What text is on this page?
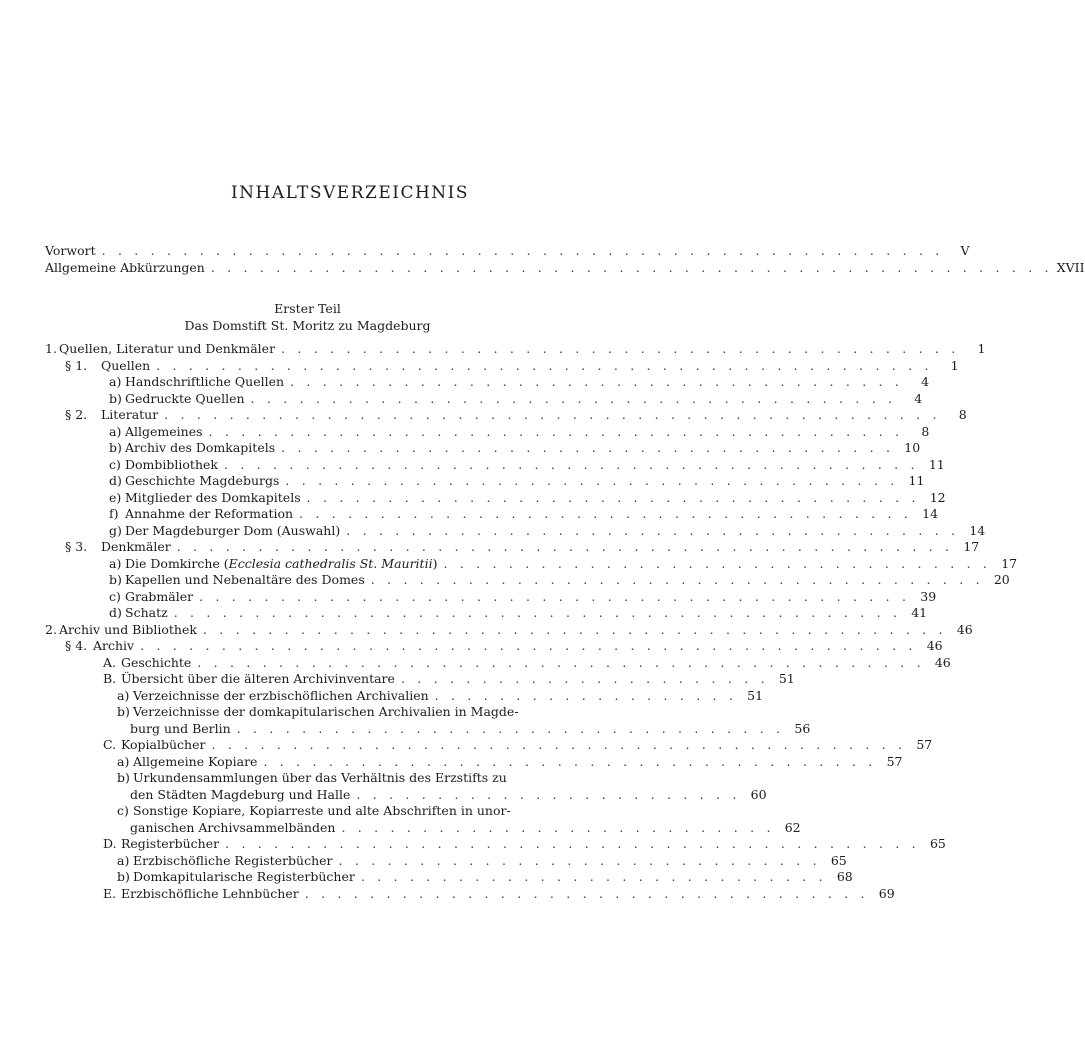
INHALTSVERZEICHNIS
Vorwort . . . . . . . . . . . . . . . . . . . . . . . . . . . . . . . . . . . . . . . . . . . . . . . . . . . .	V
Allgemeine Abkürzungen . . . . . . . . . . . . . . . . . . . . . . . . . . . . . . . . . . . . . . . . . . . . . . . . . . . . XVII
Erster Teil
Das Domstift St. Moritz zu Magdeburg
1. Quellen, Literatur und Denkmäler . . . . . . . . . . . . . . . . . . . . . . . . . . . . . . . . . . . . . . . . . .	1
§ 1.	Quellen . . . . . . . . . . . . . . . . . . . . . . . . . . . . . . . . . . . . . . . . . . . . . . . .	1
a) Handschriftliche Quellen . . . . . . . . . . . . . . . . . . . . . . . . . . . . . . . . . . . . . .	4
b) Gedruckte Quellen . . . . . . . . . . . . . . . . . . . . . . . . . . . . . . . . . . . . . . . .	4
§ 2.	Literatur . . . . . . . . . . . . . . . . . . . . . . . . . . . . . . . . . . . . . . . . . . . . . . . .	8
a) Allgemeines . . . . . . . . . . . . . . . . . . . . . . . . . . . . . . . . . . . . . . . . . . .	8
b) Archiv des Domkapitels . . . . . . . . . . . . . . . . . . . . . . . . . . . . . . . . . . . . . . 10
c) Dombibliothek . . . . . . . . . . . . . . . . . . . . . . . . . . . . . . . . . . . . . . . . . . . 11
d) Geschichte Magdeburgs . . . . . . . . . . . . . . . . . . . . . . . . . . . . . . . . . . . . . . 11
e) Mitglieder des Domkapitels . . . . . . . . . . . . . . . . . . . . . . . . . . . . . . . . . . . . . . 12
f) Annahme der Reformation . . . . . . . . . . . . . . . . . . . . . . . . . . . . . . . . . . . . . . 14
g) Der Magdeburger Dom (Auswahl) . . . . . . . . . . . . . . . . . . . . . . . . . . . . . . . . . . . . . . 14
§ 3.	Denkmäler . . . . . . . . . . . . . . . . . . . . . . . . . . . . . . . . . . . . . . . . . . . . . . . . 17
a) Die Domkirche (Ecclesia cathedralis St. Mauritii) . . . . . . . . . . . . . . . . . . . . . . . . . . . . . . . . . . 17
b) Kapellen und Nebenaltäre des Domes . . . . . . . . . . . . . . . . . . . . . . . . . . . . . . . . . . . . . . 20
c) Grabmäler . . . . . . . . . . . . . . . . . . . . . . . . . . . . . . . . . . . . . . . . . . . . 39
d) Schatz . . . . . . . . . . . . . . . . . . . . . . . . . . . . . . . . . . . . . . . . . . . . . 41
2. Archiv und Bibliothek . . . . . . . . . . . . . . . . . . . . . . . . . . . . . . . . . . . . . . . . . . . . . . 46
§ 4. Archiv . . . . . . . . . . . . . . . . . . . . . . . . . . . . . . . . . . . . . . . . . . . . . . . . 46
A. Geschichte . . . . . . . . . . . . . . . . . . . . . . . . . . . . . . . . . . . . . . . . . . . . . 46
B. Übersicht über die älteren Archivinventare . . . . . . . . . . . . . . . . . . . . . . . 51
a) Verzeichnisse der erzbischöflichen Archivalien . . . . . . . . . . . . . . . . . . . 51
b) Verzeichnisse der domkapitularischen Archivalien in Magde-
burg und Berlin . . . . . . . . . . . . . . . . . . . . . . . . . . . . . . . . . . 56
C. Kopialbücher . . . . . . . . . . . . . . . . . . . . . . . . . . . . . . . . . . . . . . . . . . . 57
a) Allgemeine Kopiare . . . . . . . . . . . . . . . . . . . . . . . . . . . . . . . . . . . . . . 57
b) Urkundensammlungen über das Verhältnis des Erzstifts zu
den Städten Magdeburg und Halle . . . . . . . . . . . . . . . . . . . . . . . . 60
c) Sonstige Kopiare, Kopiarreste und alte Abschriften in unor-
ganischen Archivsammelbänden . . . . . . . . . . . . . . . . . . . . . . . . . . . 62
D. Registerbücher . . . . . . . . . . . . . . . . . . . . . . . . . . . . . . . . . . . . . . . . . . . 65
a) Erzbischöfliche Registerbücher . . . . . . . . . . . . . . . . . . . . . . . . . . . . . . 65
b) Domkapitularische Registerbücher . . . . . . . . . . . . . . . . . . . . . . . . . . . . . 68
E. Erzbischöfliche Lehnbücher . . . . . . . . . . . . . . . . . . . . . . . . . . . . . . . . . . . 69
